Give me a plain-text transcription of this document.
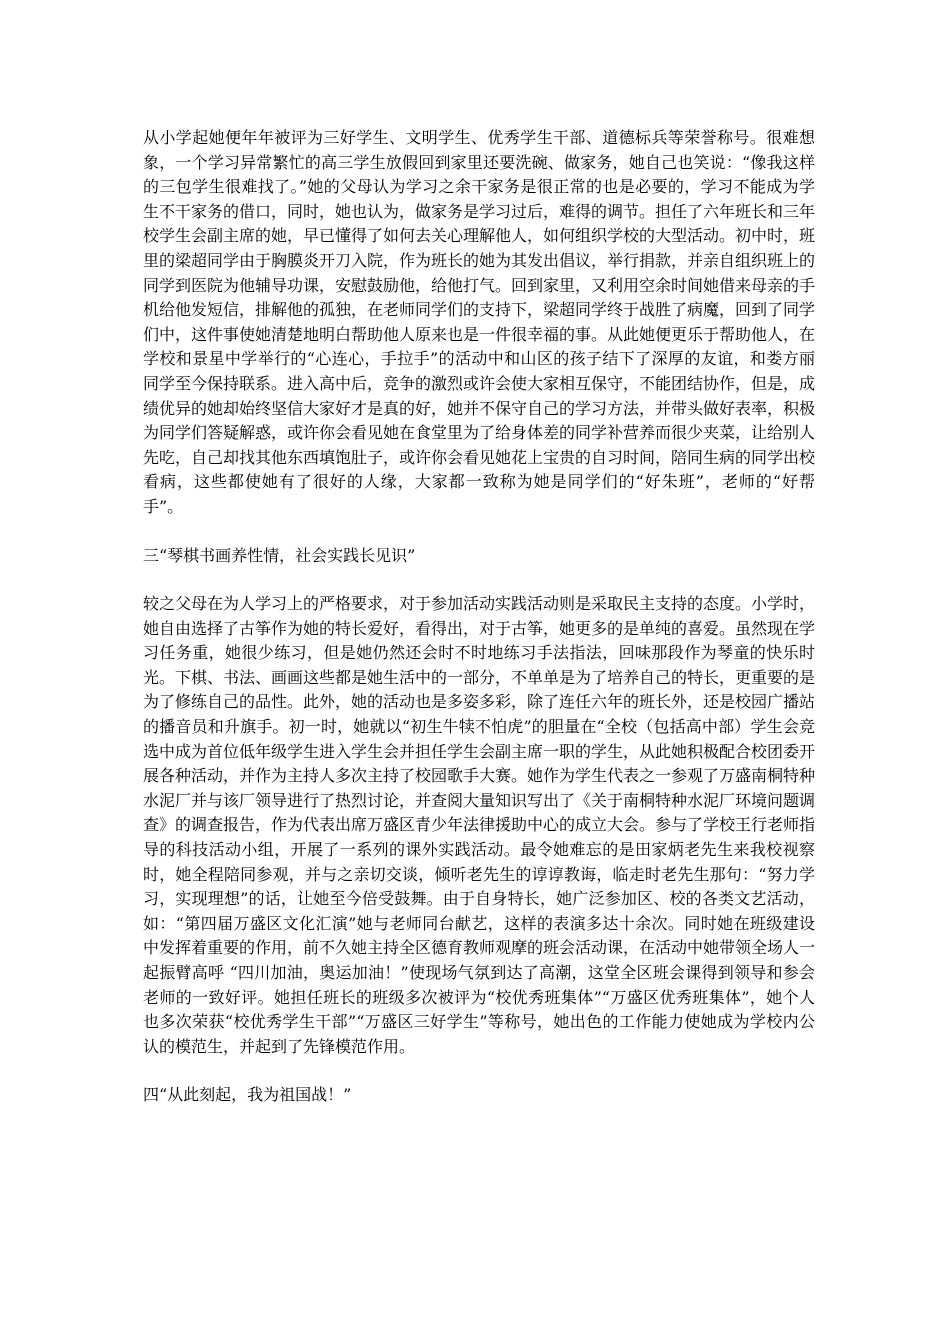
从小学起她便年年被评为三好学生、文明学生、优秀学生干部、道德标兵等荣誉称号。很难想象，一个学习异常繁忙的高三学生放假回到家里还要洗碗、做家务，她自己也笑说：“像我这样的三包学生很难找了。”她的父母认为学习之余干家务是很正常的也是必要的，学习不能成为学生不干家务的借口，同时，她也认为，做家务是学习过后，难得的调节。担任了六年班长和三年校学生会副主席的她，早已懂得了如何去关心理解他人，如何组织学校的大型活动。初中时，班里的梁超同学由于胸膜炎开刀入院，作为班长的她为其发出倡议，举行捐款，并亲自组织班上的同学到医院为他辅导功课，安慰鼓励他，给他打气。回到家里，又利用空余时间她借来母亲的手机给他发短信，排解他的孤独，在老师同学们的支持下，梁超同学终于战胜了病魔，回到了同学们中，这件事使她清楚地明白帮助他人原来也是一件很幸福的事。从此她便更乐于帮助他人，在学校和景星中学举行的“心连心，手拉手”的活动中和山区的孩子结下了深厚的友谊，和娄方丽同学至今保持联系。进入高中后，竞争的激烈或许会使大家相互保守，不能团结协作，但是，成绩优异的她却始终坚信大家好才是真的好，她并不保守自己的学习方法，并带头做好表率，积极为同学们答疑解惑，或许你会看见她在食堂里为了给身体差的同学补营养而很少夹菜，让给别人先吃，自己却找其他东西填饱肚子，或许你会看见她花上宝贵的自习时间，陪同生病的同学出校看病，这些都使她有了很好的人缘，大家都一致称为她是同学们的“好朱班”，老师的“好帮手”。

三“琴棋书画养性情，社会实践长见识”

较之父母在为人学习上的严格要求，对于参加活动实践活动则是采取民主支持的态度。小学时，她自由选择了古筝作为她的特长爱好，看得出，对于古筝，她更多的是单纯的喜爱。虽然现在学习任务重，她很少练习，但是她仍然还会时不时地练习手法指法，回味那段作为琴童的快乐时光。下棋、书法、画画这些都是她生活中的一部分，不单单是为了培养自己的特长，更重要的是为了修练自己的品性。此外，她的活动也是多姿多彩，除了连任六年的班长外，还是校园广播站的播音员和升旗手。初一时，她就以“初生牛犊不怕虎”的胆量在“全校（包括高中部）学生会竞选中成为首位低年级学生进入学生会并担任学生会副主席一职的学生，从此她积极配合校团委开展各种活动，并作为主持人多次主持了校园歌手大赛。她作为学生代表之一参观了万盛南桐特种水泥厂并与该厂领导进行了热烈讨论，并查阅大量知识写出了《关于南桐特种水泥厂环境问题调查》的调查报告，作为代表出席万盛区青少年法律援助中心的成立大会。参与了学校王行老师指导的科技活动小组，开展了一系列的课外实践活动。最令她难忘的是田家炳老先生来我校视察时，她全程陪同参观，并与之亲切交谈，倾听老先生的谆谆教诲，临走时老先生那句：“努力学习，实现理想”的话，让她至今倍受鼓舞。由于自身特长，她广泛参加区、校的各类文艺活动，如：“第四届万盛区文化汇演”她与老师同台献艺，这样的表演多达十余次。同时她在班级建设中发挥着重要的作用，前不久她主持全区德育教师观摩的班会活动课，在活动中她带领全场人一起振臂高呼 “四川加油，奥运加油！”使现场气氛到达了高潮，这堂全区班会课得到领导和参会老师的一致好评。她担任班长的班级多次被评为“校优秀班集体”“万盛区优秀班集体”，她个人也多次荣获“校优秀学生干部”“万盛区三好学生”等称号，她出色的工作能力使她成为学校内公认的模范生，并起到了先锋模范作用。

四“从此刻起，我为祖国战！”
